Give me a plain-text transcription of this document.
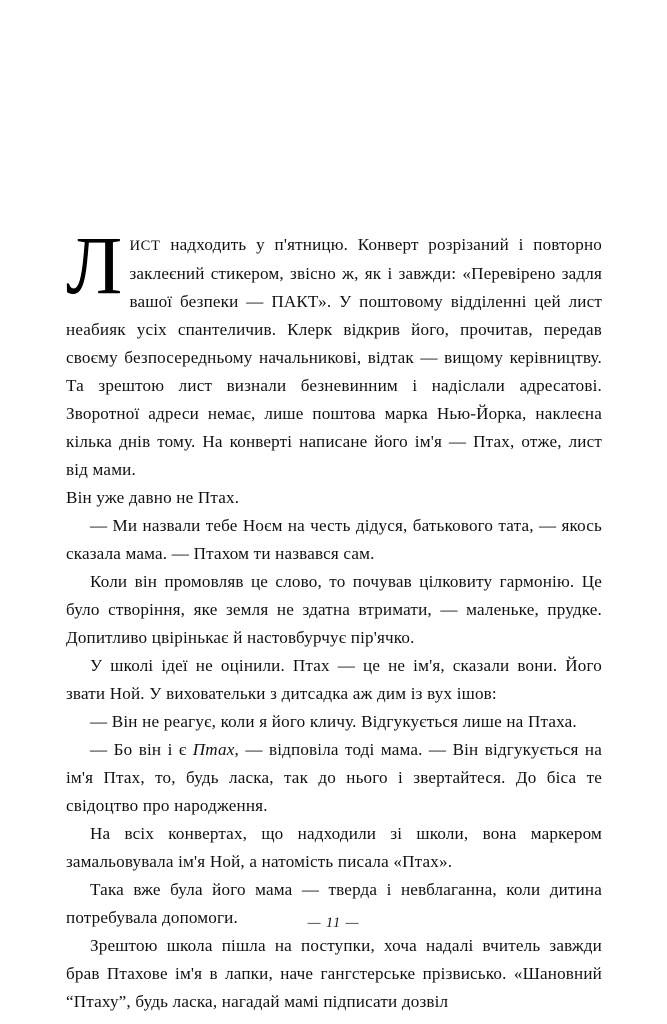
ЛИСТ надходить у п'ятницю. Конверт розрізаний і повторно заклеєний стикером, звісно ж, як і завжди: «Перевірено задля вашої безпеки — ПАКТ». У поштовому відділенні цей лист неабияк усіх спантеличив. Клерк відкрив його, прочитав, передав своєму безпосередньому начальникові, відтак — вищому керівництву. Та зрештою лист визнали безневинним і надіслали адресатові. Зворотної адреси немає, лише поштова марка Нью-Йорка, наклеєна кілька днів тому. На конверті написане його ім'я — Птах, отже, лист від мами.

Він уже давно не Птах.

— Ми назвали тебе Ноєм на честь дідуся, батькового тата, — якось сказала мама. — Птахом ти назвався сам.

Коли він промовляв це слово, то почував цілковиту гармонію. Це було створіння, яке земля не здатна втримати, — маленьке, прудке. Допитливо цвірінькає й настовбурчує пір'ячко.

У школі ідеї не оцінили. Птах — це не ім'я, сказали вони. Його звати Ной. У виховательки з дитсадка аж дим із вух ішов:

— Він не реагує, коли я його кличу. Відгукується лише на Птаха.

— Бо він і є Птах, — відповіла тоді мама. — Він відгукується на ім'я Птах, то, будь ласка, так до нього і звертайтеся. До біса те свідоцтво про народження.

На всіх конвертах, що надходили зі школи, вона маркером замальовувала ім'я Ной, а натомість писала «Птах».

Така вже була його мама — тверда і невблаганна, коли дитина потребувала допомоги.

Зрештою школа пішла на поступки, хоча надалі вчитель завжди брав Птахове ім'я в лапки, наче гангстерське прізвисько. «Шановний “Птаху”, будь ласка, нагадай мамі підписати дозвіл

— 11 —
